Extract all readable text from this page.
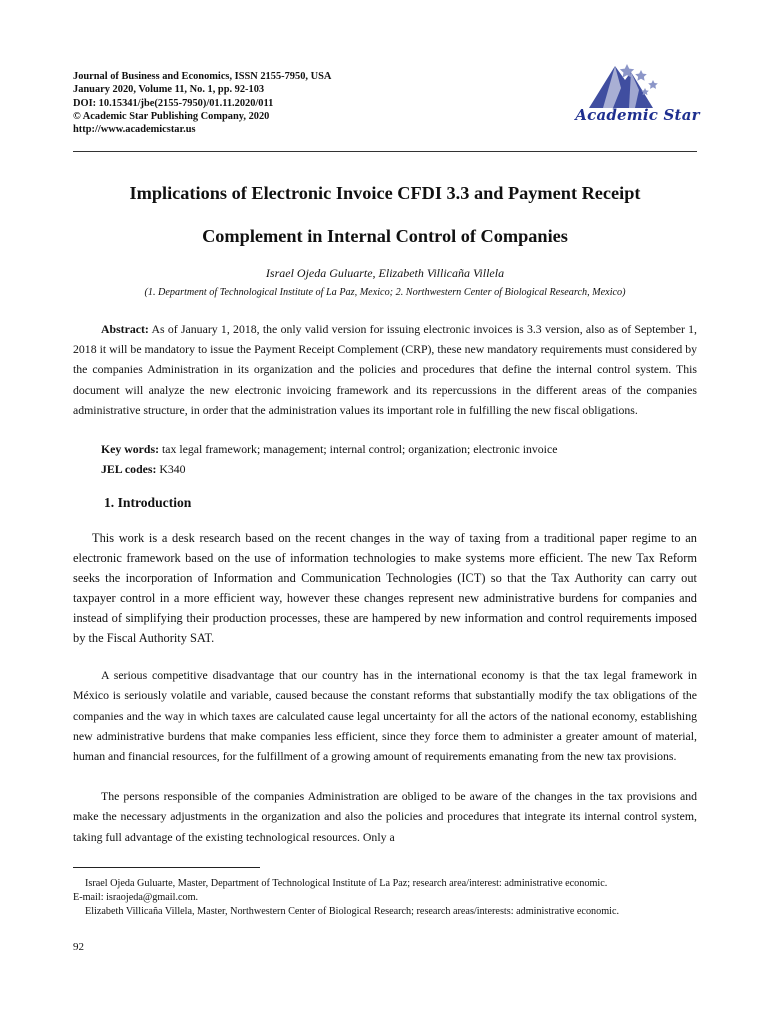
Journal of Business and Economics, ISSN 2155-7950, USA
January 2020, Volume 11, No. 1, pp. 92-103
DOI: 10.15341/jbe(2155-7950)/01.11.2020/011
© Academic Star Publishing Company, 2020
http://www.academicstar.us
Academic Star
Implications of Electronic Invoice CFDI 3.3 and Payment Receipt
Complement in Internal Control of Companies
Israel Ojeda Guluarte, Elizabeth Villicaña Villela
(1. Department of Technological Institute of La Paz, Mexico; 2. Northwestern Center of Biological Research, Mexico)

Abstract: As of January 1, 2018, the only valid version for issuing electronic invoices is 3.3 version, also as of September 1, 2018 it will be mandatory to issue the Payment Receipt Complement (CRP), these new mandatory requirements must considered by the companies Administration in its organization and the policies and procedures that define the internal control system. This document will analyze the new electronic invoicing framework and its repercussions in the different areas of the companies administrative structure, in order that the administration values its important role in fulfilling the new fiscal obligations.

Key words: tax legal framework; management; internal control; organization; electronic invoice
JEL codes: K340
1. Introduction

This work is a desk research based on the recent changes in the way of taxing from a traditional paper regime to an electronic framework based on the use of information technologies to make systems more efficient. The new Tax Reform seeks the incorporation of Information and Communication Technologies (ICT) so that the Tax Authority can carry out taxpayer control in a more efficient way, however these changes represent new administrative burdens for companies and instead of simplifying their production processes, these are hampered by new information and control requirements imposed by the Fiscal Authority SAT.

A serious competitive disadvantage that our country has in the international economy is that the tax legal framework in México is seriously volatile and variable, caused because the constant reforms that substantially modify the tax obligations of the companies and the way in which taxes are calculated cause legal uncertainty for all the actors of the national economy, establishing new administrative burdens that make companies less efficient, since they force them to administer a greater amount of material, human and financial resources, for the fulfillment of a growing amount of requirements emanating from the new tax provisions.

The persons responsible of the companies Administration are obliged to be aware of the changes in the tax provisions and make the necessary adjustments in the organization and also the policies and procedures that integrate its internal control system, taking full advantage of the existing technological resources. Only a

Israel Ojeda Guluarte, Master, Department of Technological Institute of La Paz; research area/interest: administrative economic.

E-mail: israojeda@gmail.com.

Elizabeth Villicaña Villela, Master, Northwestern Center of Biological Research; research areas/interests: administrative economic.

92
